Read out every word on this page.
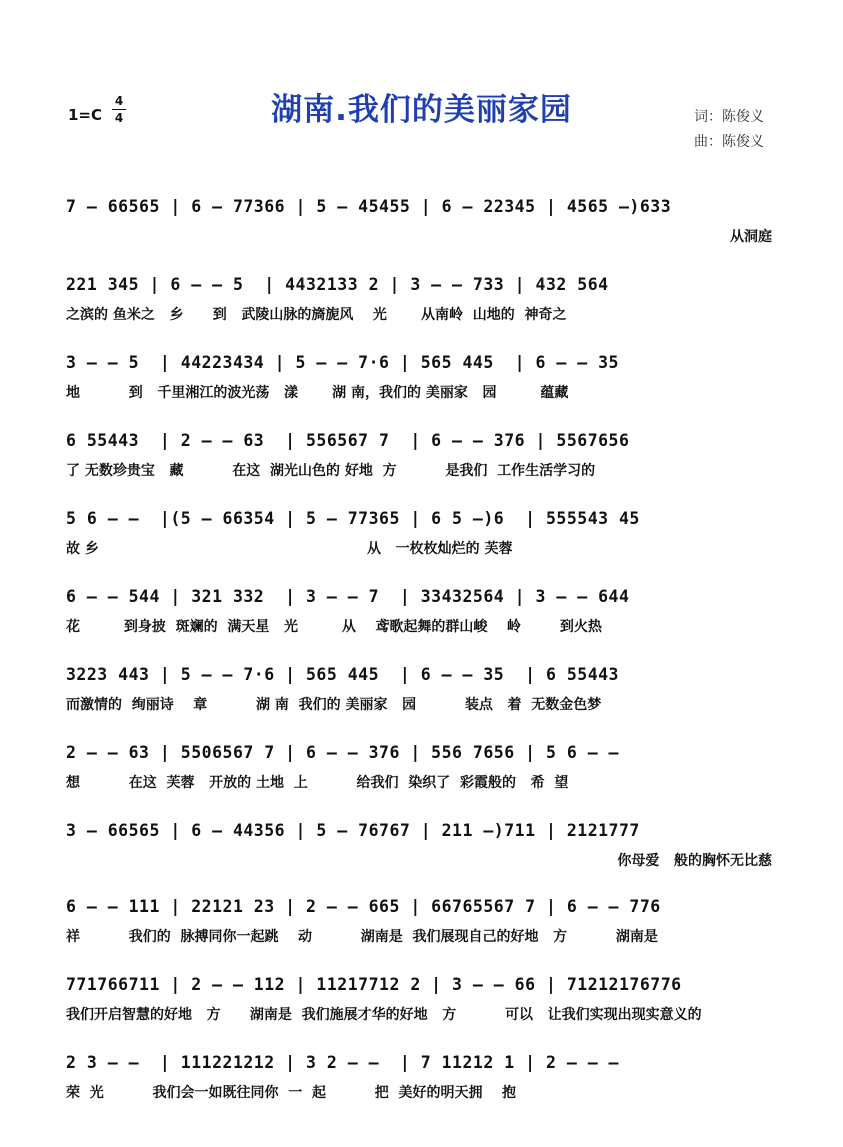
1=C
4
4	湖南.我们的美丽家园	词：陈俊义
曲：陈俊义
7 – 66565 | 6 – 77366 | 5 – 45455 | 6 – 22345 | 4565 –)633
从洞庭
221 345 | 6 – – 5  | 4432133 2 | 3 – – 733 | 432 564
之滨的 鱼米之   乡      到   武陵山脉的旖旎风    光       从南岭  山地的  神奇之
3 – – 5  | 44223434 | 5 – – 7·6 | 565 445  | 6 – – 35
地          到   千里湘江的波光荡   漾       湖 南，我们的 美丽家   园         蕴藏
6 55443  | 2 – – 63  | 556567 7  | 6 – – 376 | 5567656
了 无数珍贵宝   藏          在这  湖光山色的 好地  方          是我们  工作生活学习的
5 6 – –  |(5 – 66354 | 5 – 77365 | 6 5 –)6  | 555543 45
故 乡                                                       从   一枚枚灿烂的 芙蓉
6 – – 544 | 321 332  | 3 – – 7  | 33432564 | 3 – – 644
花         到身披  斑斓的  满天星   光         从    鸢歌起舞的群山峻    岭        到火热
3223 443 | 5 – – 7·6 | 565 445  | 6 – – 35  | 6 55443
而激情的  绚丽诗    章          湖 南  我们的 美丽家   园          装点   着  无数金色梦
2 – – 63 | 5506567 7 | 6 – – 376 | 556 7656 | 5 6 – –
想          在这  芙蓉   开放的 土地  上          给我们  染织了  彩霞般的   希  望
3 – 66565 | 6 – 44356 | 5 – 76767 | 211 –)711 | 2121777
你母爱   般的胸怀无比慈
6 – – 111 | 22121 23 | 2 – – 665 | 66765567 7 | 6 – – 776
祥          我们的  脉搏同你一起跳    动          湖南是  我们展现自己的好地   方          湖南是
771766711 | 2 – – 112 | 11217712 2 | 3 – – 66 | 71212176776
我们开启智慧的好地   方      湖南是  我们施展才华的好地   方          可以   让我们实现出现实意义的
2 3 – –  | 111221212 | 3 2 – –  | 7 11212 1 | 2 – – –
荣  光          我们会一如既往同你  一  起          把  美好的明天拥    抱
